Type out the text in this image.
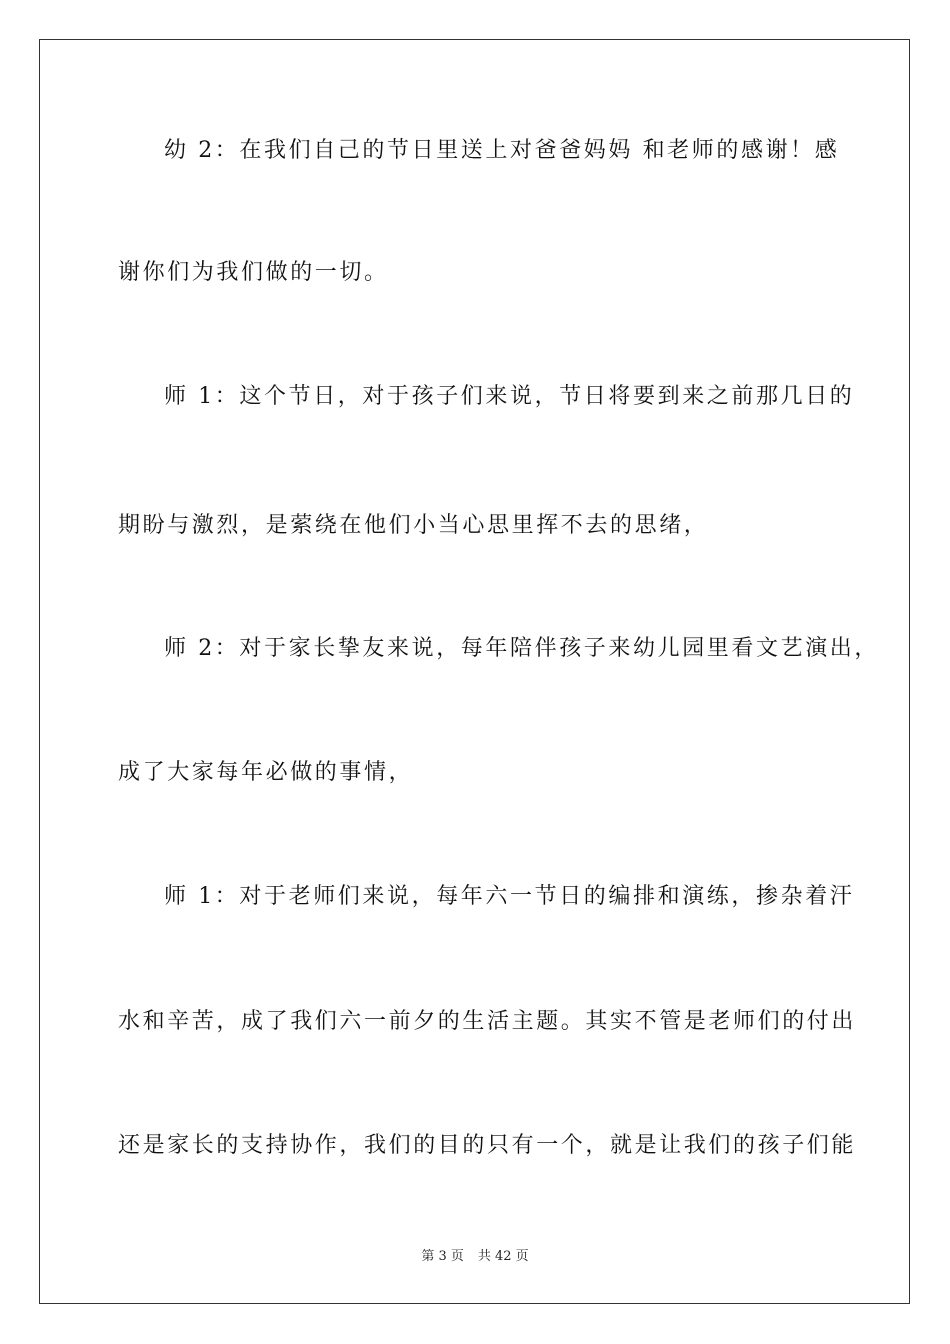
幼 2：在我们自己的节日里送上对爸爸妈妈 和老师的感谢！感
谢你们为我们做的一切。
师 1：这个节日，对于孩子们来说，节日将要到来之前那几日的
期盼与激烈，是萦绕在他们小当心思里挥不去的思绪，
师 2：对于家长挚友来说，每年陪伴孩子来幼儿园里看文艺演出，
成了大家每年必做的事情，
师 1：对于老师们来说，每年六一节日的编排和演练，掺杂着汗
水和辛苦，成了我们六一前夕的生活主题。其实不管是老师们的付出
还是家长的支持协作，我们的目的只有一个，就是让我们的孩子们能
第 3 页 共 42 页
